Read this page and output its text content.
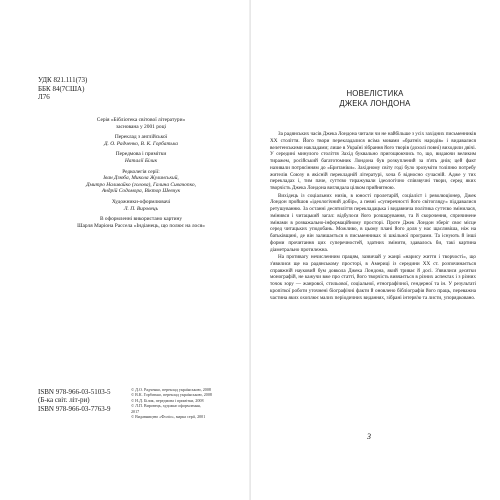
УДК 821.111(73)
ББК 84(7США)
Л76
Серія «Бібліотека світової літератури»
заснована у 2001 році
Переклад з англійської
Д. О. Радченко, В. К. Горбатька
Передмова і примітки
Наталії Білик
Редколегія серії:
Іван Дзюба, Микола Жулинський,
Дмитро Наливайко (голова), Галина Сивачопко,
Андрій Содомора, Віктор Шевчук
Художники-оформлювачі
Л. П. Вировець
В оформленні використано картину
Шарля Маріона Рассела «Індіанець, що полює на лося»
ISBN 978-966-03-5103-5
(Б-ка світ. літ-ри)
ISBN 978-966-03-7763-9
© Д.О. Радченко, переклад українською, 2008
© В.К. Горбатько, переклад українською, 2008
© Н.Д. Білик, передмова і примітки, 2008
© Л.П. Вировець, художнє оформлення,
2017
© Видавництво «Фоліо», марка серії, 2001
НОВЕЛІСТИКА
ДЖЕКА ЛОНДОНА

За радянських часів Джека Лондона читали чи не найбільше з усіх західних письменників XX століття. Його твори перекладалися всіма мовами «братніх народів» і видавалися велетенськими накладами; лише в Україні зібрання його творів (дохолі повні) виходили двічі. У середині минулого століття Захід буквально пригощюючись то, що, видаючи великим тиражем, російський багатотомник Лондона був розкуплений за п'ять днів; цей факт називали потрясінням до «Британіки». Західному світу годі було зрозуміти толіпню потребу жителів Союзу в якісній перекладній літературі, хоча б відносно сучасній. Адже у тих перекладах і, тим паче, суттєво тиражували ідеологічно співзвучні твори, серед яких творчість Джека Лондона виглядала цілком прийнятною.

Вихідець із соціальних низів, в юності пролетарій, соціаліст і революціонер, Джек Лондон пройшов «ідеологічний добір», а певні «суперечності його світогляду» піддавалися ретушуванню. За останні десятиліття перекладацька і видавнича політика суттєво змінилася, змінився і читацький загал: відбулося його розшарування, та й скорочення, спричинене змінами в розважально-інформаційному просторі. Проте Джек Лондон зберіг своє місце серед читацьких уподобань. Можливо, в цьому плані його доля у нас щасливіша, ніж на батьківщині, де він залишається в письменниках зі шкільної програми. Та існують й інші форми прочитання цих суперечностей, здатних змінити, здавалось би, такі картина діаметрально протилежна.

На противагу нечисленним працям, зазвичай у жанрі «нарису життя і творчості», що з'явилися ще на радянському просторі, в Америці із середини XX ст. розпочинається справжній науковий бум довкола Джека Лондона, який триває й досі. З'явилися десятки монографій, не кажучи вже про статті, його творчість вивчається в різних аспектах і з різних точок зору — жанрової, стильової, соціальної, етнографічної, гендерної та ін. У результаті кропіткої роботи уточнені біографічні факти й оновлено бібліографія його праць, переважна частина яких охоплює малих періодичних виданнях, зібрані інтерв'ю та листи, упорядковано.

3
